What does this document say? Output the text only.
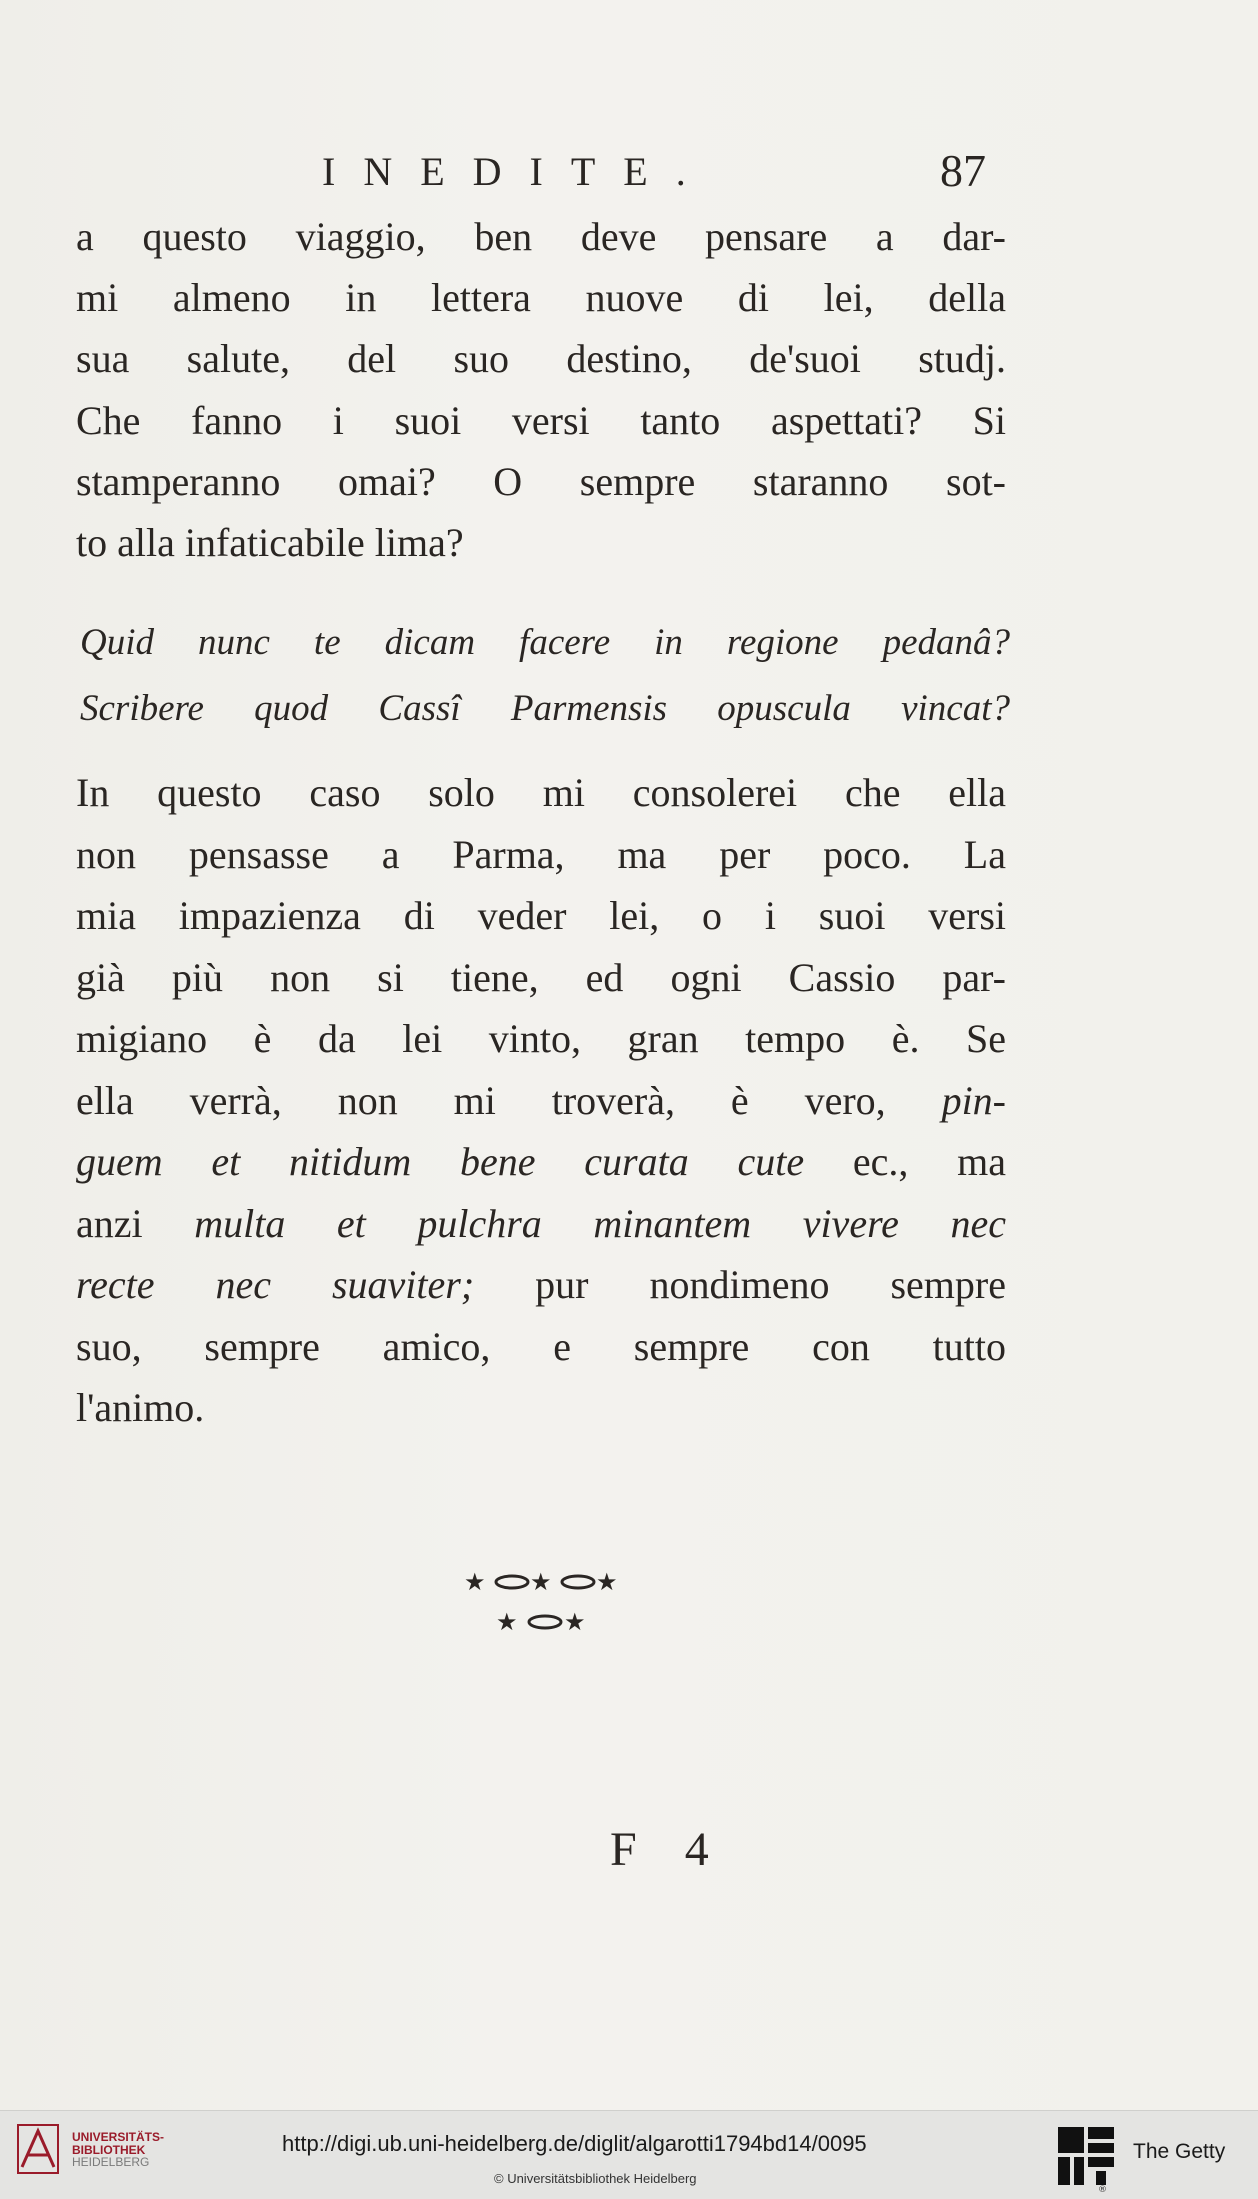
INEDITE.	87
a questo viaggio, ben deve pensare a dar-
mi almeno in lettera nuove di lei, della
sua salute, del suo destino, de'suoi studj.
Che fanno i suoi versi tanto aspettati? Si
stamperanno omai? O sempre staranno sot-
to alla infaticabile lima?
Quid nunc te dicam facere in regione pedanâ?
Scribere quod Cassî Parmensis opuscula vincat?
In questo caso solo mi consolerei che ella
non pensasse a Parma, ma per poco. La
mia impazienza di veder lei, o i suoi versi
già più non si tiene, ed ogni Cassio par-
migiano è da lei vinto, gran tempo è. Se
ella verrà, non mi troverà, è vero, pin-
guem et nitidum bene curata cute ec., ma
anzi multa et pulchra minantem vivere nec
recte nec suaviter; pur nondimeno sempre
suo, sempre amico, e sempre con tutto
l'animo.
★ ★ ★
★ ★
F 4
UNIVERSITÄTS-
BIBLIOTHEK
HEIDELBERG
http://digi.ub.uni-heidelberg.de/diglit/algarotti1794bd14/0095
© Universitätsbibliothek Heidelberg
®
The Getty
